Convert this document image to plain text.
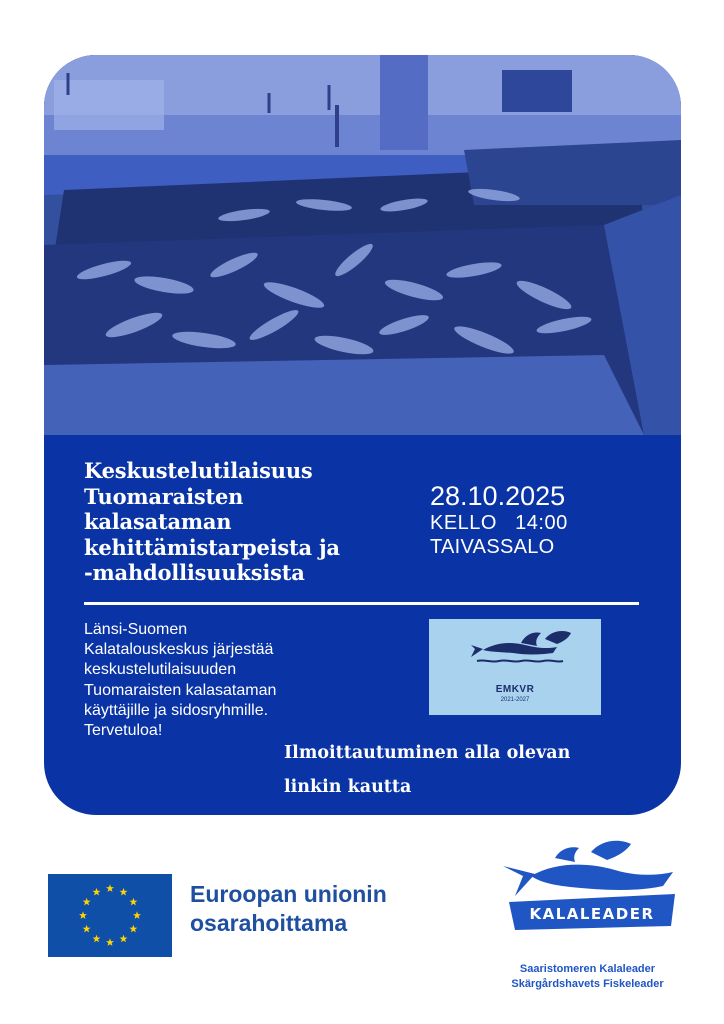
Keskustelutilaisuus
Tuomaraisten
kalasataman
kehittämistarpeista ja
-mahdollisuuksista
28.10.2025
KELLO   14:00
TAIVASSALO

Länsi-Suomen
Kalatalouskeskus järjestää
keskustelutilaisuuden
Tuomaraisten kalasataman
käyttäjille ja sidosryhmille.
Tervetuloa!

EMKVR
2021-2027

Ilmoittautuminen alla olevan
linkin kautta

Euroopan unionin
osarahoittama	KALALEADER

Saaristomeren Kalaleader
Skärgårdshavets Fiskeleader
